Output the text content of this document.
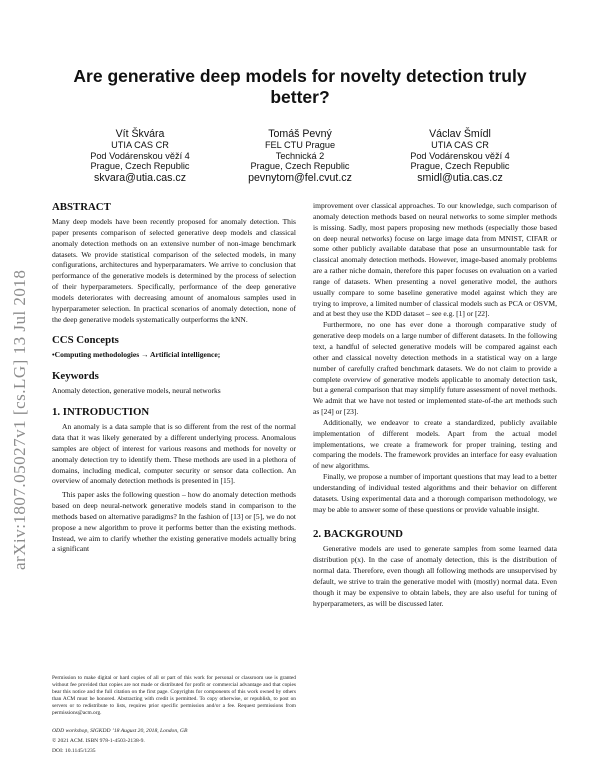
arXiv:1807.05027v1 [cs.LG] 13 Jul 2018
Are generative deep models for novelty detection truly better?
Vít Škvára
UTIA CAS CR
Pod Vodárenskou věží 4
Prague, Czech Republic
skvara@utia.cas.cz
Tomáš Pevný
FEL CTU Prague
Technická 2
Prague, Czech Republic
pevnytom@fel.cvut.cz
Václav Šmídl
UTIA CAS CR
Pod Vodárenskou věží 4
Prague, Czech Republic
smidl@utia.cas.cz
ABSTRACT

Many deep models have been recently proposed for anomaly detection. This paper presents comparison of selected generative deep models and classical anomaly detection methods on an extensive number of non-image benchmark datasets. We provide statistical comparison of the selected models, in many configurations, architectures and hyperparamaters. We arrive to conclusion that performance of the generative models is determined by the process of selection of their hyperparameters. Specifically, performance of the deep generative models deteriorates with decreasing amount of anomalous samples used in hyperparameter selection. In practical scenarios of anomaly detection, none of the deep generative models systematically outperforms the kNN.

CCS Concepts

•Computing methodologies → Artificial intelligence;

Keywords

Anomaly detection, generative models, neural networks

1. INTRODUCTION

An anomaly is a data sample that is so different from the rest of the normal data that it was likely generated by a different underlying process. Anomalous samples are object of interest for various reasons and methods for novelty or anomaly detection try to identify them. These methods are used in a plethora of domains, including medical, computer security or sensor data collection. An overview of anomaly detection methods is presented in [15].

This paper asks the following question – how do anomaly detection methods based on deep neural-network generative models stand in comparison to the methods based on alternative paradigms? In the fashion of [13] or [5], we do not propose a new algorithm to prove it performs better than the existing methods. Instead, we aim to clarify whether the existing generative models actually bring a significant

Permission to make digital or hard copies of all or part of this work for personal or classroom use is granted without fee provided that copies are not made or distributed for profit or commercial advantage and that copies bear this notice and the full citation on the first page. Copyrights for components of this work owned by others than ACM must be honored. Abstracting with credit is permitted. To copy otherwise, or republish, to post on servers or to redistribute to lists, requires prior specific permission and/or a fee. Request permissions from permissions@acm.org.
ODD workshop, SIGKDD ’18 August 20, 2018, London, GB
© 2021 ACM. ISBN 978-1-4503-2138-9.
DOI: 10.1145/1235

improvement over classical approaches. To our knowledge, such comparison of anomaly detection methods based on neural networks to some simpler methods is missing. Sadly, most papers proposing new methods (especially those based on deep neural networks) focuse on large image data from MNIST, CIFAR or some other publicly available database that pose an unsurmountable task for classical anomaly detection methods. However, image-based anomaly problems are a rather niche domain, therefore this paper focuses on evaluation on a varied range of datasets. When presenting a novel generative model, the authors usually compare to some baseline generative model against which they are trying to improve, a limited number of classical models such as PCA or OSVM, and at best they use the KDD dataset – see e.g. [1] or [22].

Furthermore, no one has ever done a thorough comparative study of generative deep models on a large number of different datasets. In the following text, a handful of selected generative models will be compared against each other and classical novelty detection methods in a statistical way on a large number of carefully crafted benchmark datasets. We do not claim to provide a complete overview of generative models applicable to anomaly detection task, but a general comparison that may simplify future assessment of novel methods. We admit that we have not tested or implemented state-of-the art methods such as [24] or [23].

Additionally, we endeavor to create a standardized, publicly available implementation of different models. Apart from the actual model implementations, we create a framework for proper training, testing and comparing the models. The framework provides an interface for easy evaluation of new algorithms.

Finally, we propose a number of important questions that may lead to a better understanding of individual tested algorithms and their behavior on different datasets. Using experimental data and a thorough comparison methodology, we may be able to answer some of these questions or provide valuable insight.

2. BACKGROUND

Generative models are used to generate samples from some learned data distribution p(x). In the case of anomaly detection, this is the distribution of normal data. Therefore, even though all following methods are unsupervised by default, we strive to train the generative model with (mostly) normal data. Even though it may be expensive to obtain labels, they are also useful for tuning of hyperparameters, as will be discussed later.
